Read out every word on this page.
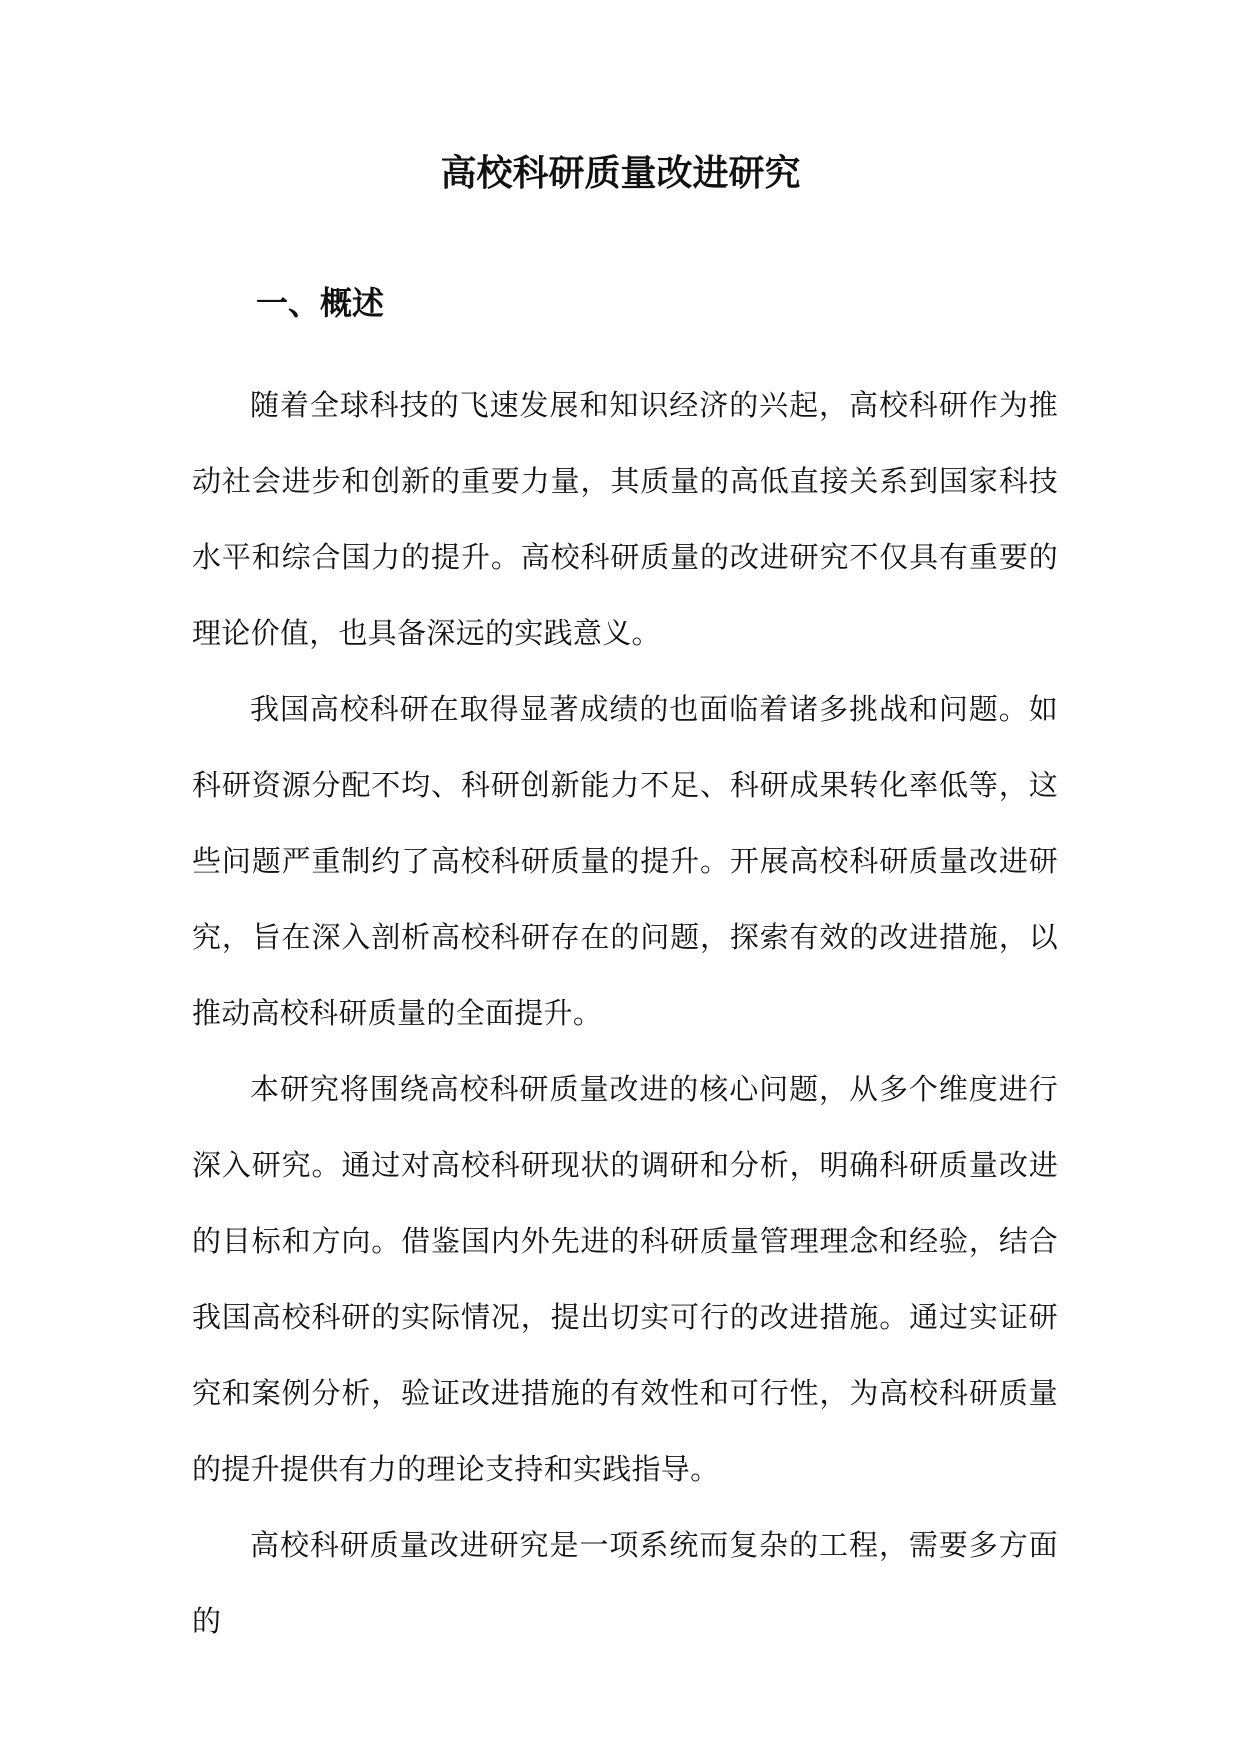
高校科研质量改进研究
一、概述

随着全球科技的飞速发展和知识经济的兴起，高校科研作为推动社会进步和创新的重要力量，其质量的高低直接关系到国家科技水平和综合国力的提升。高校科研质量的改进研究不仅具有重要的理论价值，也具备深远的实践意义。

我国高校科研在取得显著成绩的也面临着诸多挑战和问题。如科研资源分配不均、科研创新能力不足、科研成果转化率低等，这些问题严重制约了高校科研质量的提升。开展高校科研质量改进研究，旨在深入剖析高校科研存在的问题，探索有效的改进措施，以推动高校科研质量的全面提升。

本研究将围绕高校科研质量改进的核心问题，从多个维度进行深入研究。通过对高校科研现状的调研和分析，明确科研质量改进的目标和方向。借鉴国内外先进的科研质量管理理念和经验，结合我国高校科研的实际情况，提出切实可行的改进措施。通过实证研究和案例分析，验证改进措施的有效性和可行性，为高校科研质量的提升提供有力的理论支持和实践指导。

高校科研质量改进研究是一项系统而复杂的工程，需要多方面的
